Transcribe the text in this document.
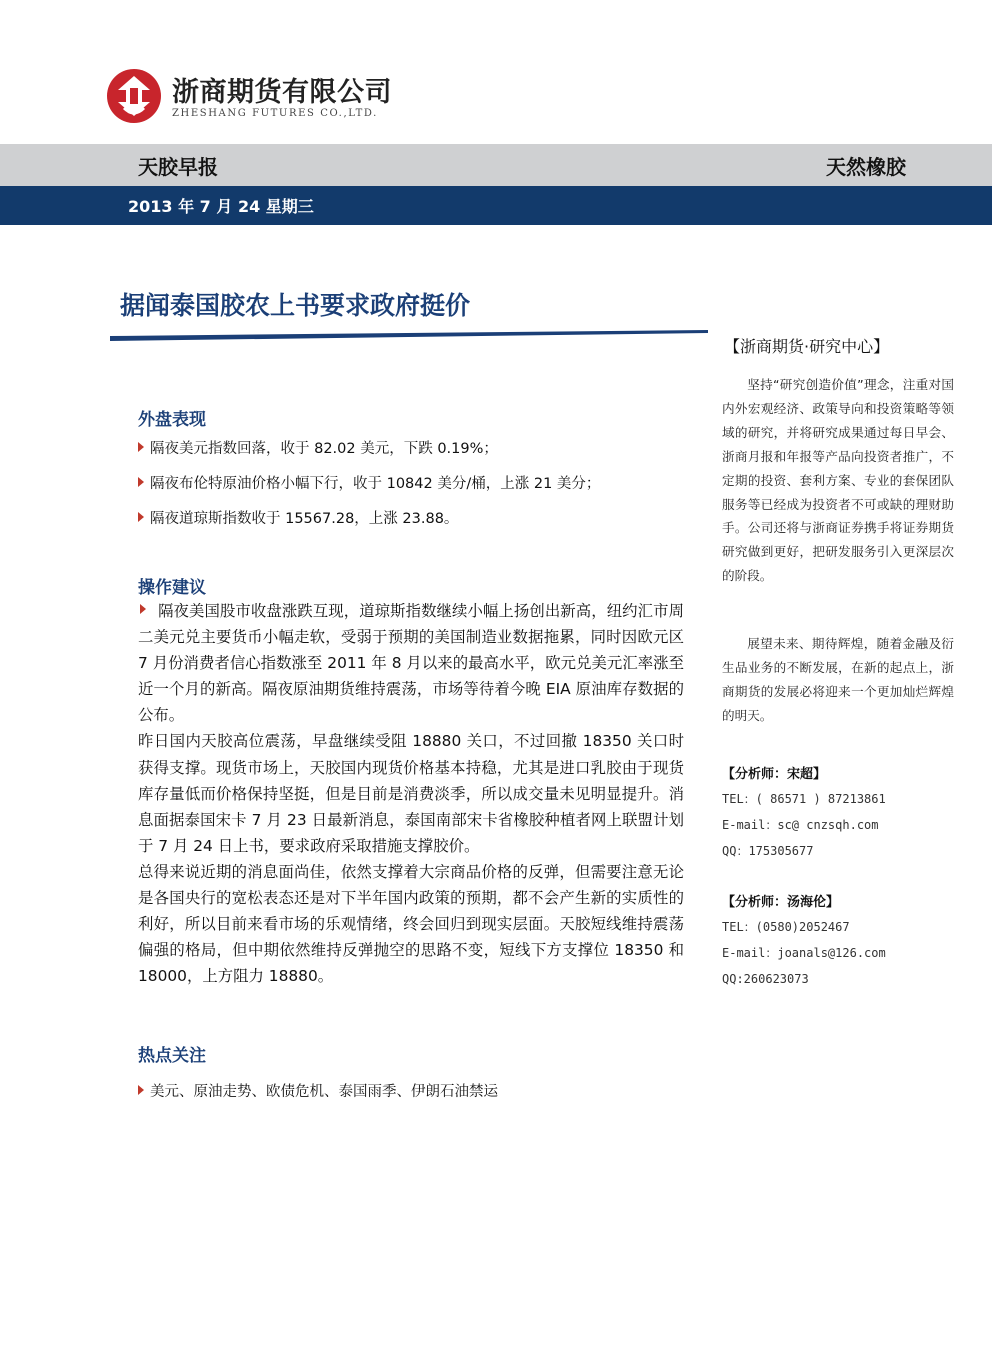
浙商期货有限公司
ZHESHANG FUTURES CO.,LTD.
天胶早报	天然橡胶
2013 年 7 月 24 星期三
据闻泰国胶农上书要求政府挺价
【浙商期货·研究中心】

坚持“研究创造价值”理念，注重对国内外宏观经济、政策导向和投资策略等领域的研究，并将研究成果通过每日早会、浙商月报和年报等产品向投资者推广，不定期的投资、套利方案、专业的套保团队服务等已经成为投资者不可或缺的理财助手。公司还将与浙商证券携手将证券期货研究做到更好，把研发服务引入更深层次的阶段。

展望未来、期待辉煌，随着金融及衍生品业务的不断发展，在新的起点上，浙商期货的发展必将迎来一个更加灿烂辉煌的明天。

【分析师：宋超】
TEL：( 86571 ) 87213861
E-mail：sc@ cnzsqh.com
QQ：175305677
【分析师：汤海伦】
TEL：(0580)2052467
E-mail：joanals@126.com
QQ:260623073
外盘表现
隔夜美元指数回落，收于 82.02 美元，下跌 0.19%；
隔夜布伦特原油价格小幅下行，收于 10842 美分/桶，上涨 21 美分；
隔夜道琼斯指数收于 15567.28，上涨 23.88。
操作建议

隔夜美国股市收盘涨跌互现，道琼斯指数继续小幅上扬创出新高，纽约汇市周二美元兑主要货币小幅走软，受弱于预期的美国制造业数据拖累，同时因欧元区 7 月份消费者信心指数涨至 2011 年 8 月以来的最高水平，欧元兑美元汇率涨至近一个月的新高。隔夜原油期货维持震荡，市场等待着今晚 EIA 原油库存数据的公布。

昨日国内天胶高位震荡，早盘继续受阻 18880 关口，不过回撤 18350 关口时获得支撑。现货市场上，天胶国内现货价格基本持稳，尤其是进口乳胶由于现货库存量低而价格保持坚挺，但是目前是消费淡季，所以成交量未见明显提升。消息面据泰国宋卡 7 月 23 日最新消息，泰国南部宋卡省橡胶种植者网上联盟计划于 7 月 24 日上书，要求政府采取措施支撑胶价。

总得来说近期的消息面尚佳，依然支撑着大宗商品价格的反弹，但需要注意无论是各国央行的宽松表态还是对下半年国内政策的预期，都不会产生新的实质性的利好，所以目前来看市场的乐观情绪，终会回归到现实层面。天胶短线维持震荡偏强的格局，但中期依然维持反弹抛空的思路不变，短线下方支撑位 18350 和 18000，上方阻力 18880。

热点关注
美元、原油走势、欧债危机、泰国雨季、伊朗石油禁运
